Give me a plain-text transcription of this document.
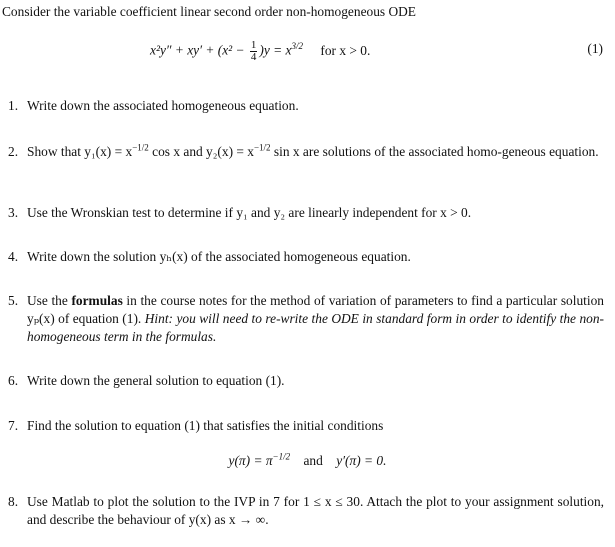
Consider the variable coefficient linear second order non-homogeneous ODE
$x^2y'' + xy' + (x^2 - \frac{1}{4} )y = x^{3/2}$ for x > 0.	(1)
1. Write down the associated homogeneous equation.
2. Show that $y_1(x) = x^{-1/2}$ cos x and $y_2(x) = x^{-1/2}$ sin x are solutions of the associated homo-geneous equation.
3. Use the Wronskian test to determine if y₁ and y₂ are linearly independent for x > 0.
4. Write down the solution yₕ(x) of the associated homogeneous equation.
5. Use the formulas in the course notes for the method of variation of parameters to find a particular solution yₚ(x) of equation (1). Hint: you will need to re-write the ODE in standard form in order to identify the non-homogeneous term in the formulas.
6. Write down the general solution to equation (1).
7. Find the solution to equation (1) that satisfies the initial conditions
$y(\pi) = \pi^{-1/2}$ and y′(π) = 0.
8. Use Matlab to plot the solution to the IVP in 7 for 1 ≤ x ≤ 30. Attach the plot to your assignment solution, and describe the behaviour of y(x) as x → ∞.
